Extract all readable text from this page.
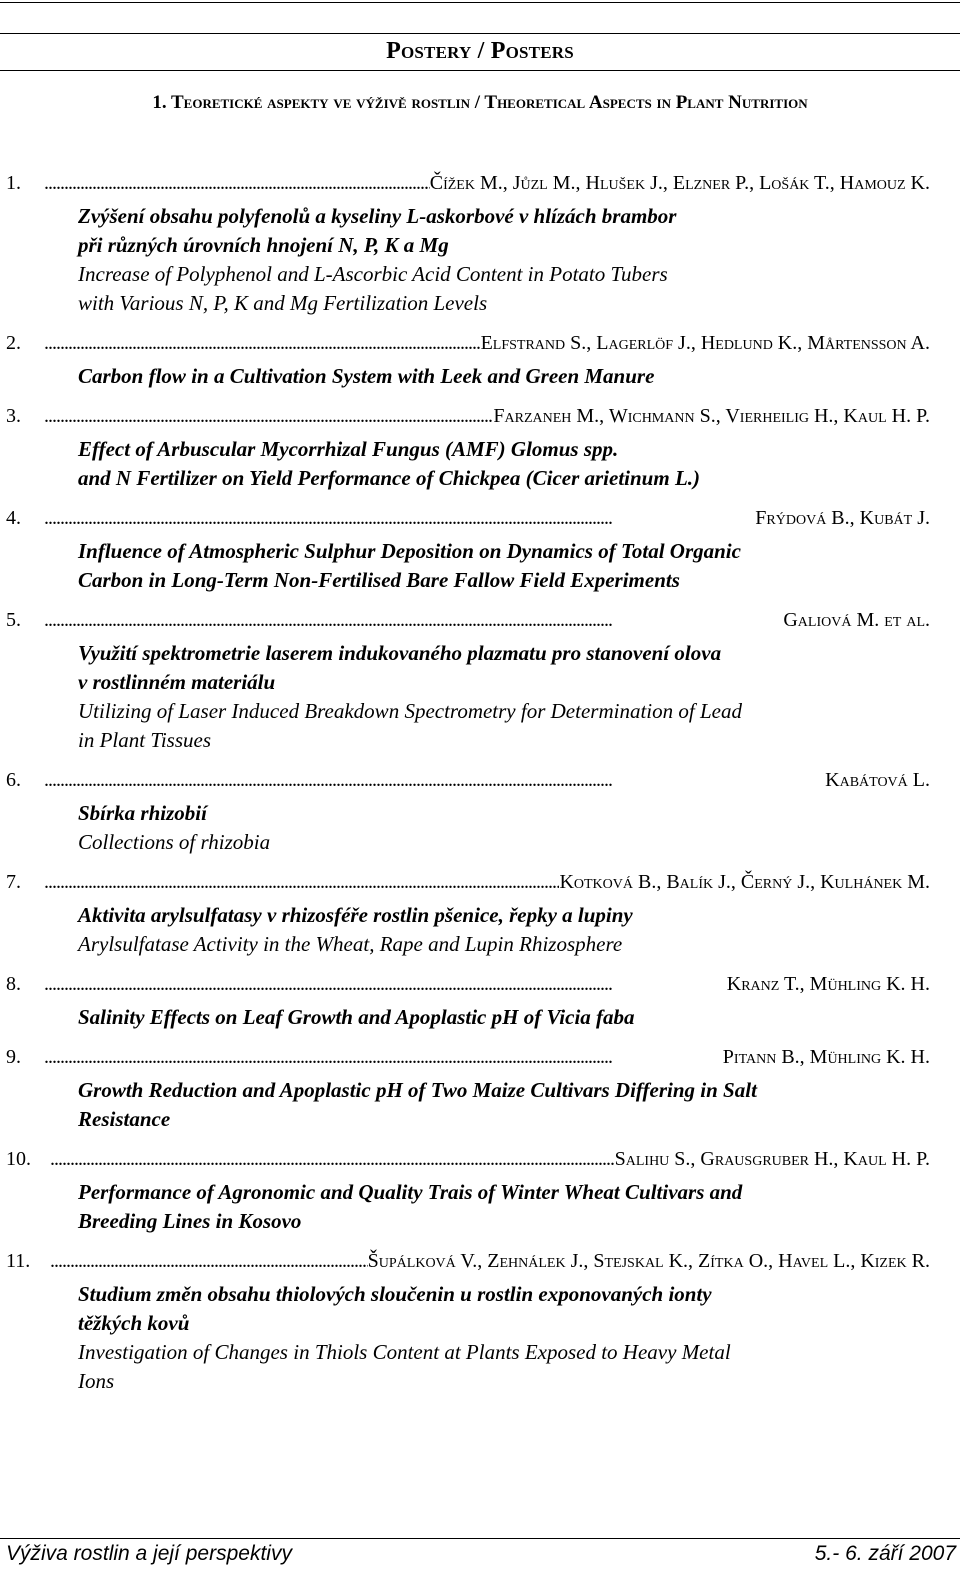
Postery / Posters
1. Teoretické aspekty ve výživě rostlin / Theoretical Aspects in Plant Nutrition
1. . . .	Čížek M., Jůzl M., Hlušek J., Elzner P., Lošák T., Hamouz K.
Zvýšení obsahu polyfenolů a kyseliny L-askorbové v hlízách brambor
při různých úrovních hnojení N, P, K a Mg
Increase of Polyphenol and L-Ascorbic Acid Content in Potato Tubers
with Various N, P, K and Mg Fertilization Levels
2. . . .	Elfstrand S., Lagerlöf J., Hedlund K., Mårtensson A.
Carbon flow in a Cultivation System with Leek and Green Manure
3. . . .	Farzaneh M., Wichmann S., Vierheilig H., Kaul H. P.
Effect of Arbuscular Mycorrhizal Fungus (AMF) Glomus spp.
and N Fertilizer on Yield Performance of Chickpea (Cicer arietinum L.)
4. . . .	Frýdová B., Kubát J.
Influence of Atmospheric Sulphur Deposition on Dynamics of Total Organic
Carbon in Long-Term Non-Fertilised Bare Fallow Field Experiments
5. . . .	Galiová M. et al.
Využití spektrometrie laserem indukovaného plazmatu pro stanovení olova
v rostlinném materiálu
Utilizing of Laser Induced Breakdown Spectrometry for Determination of Lead
in Plant Tissues
6. . . .	Kabátová L.
Sbírka rhizobií
Collections of rhizobia
7. . . .	Kotková B., Balík J., Černý J., Kulhánek M.
Aktivita arylsulfatasy v rhizosféře rostlin pšenice, řepky a lupiny
Arylsulfatase Activity in the Wheat, Rape and Lupin Rhizosphere
8. . . .	Kranz T., Mühling K. H.
Salinity Effects on Leaf Growth and Apoplastic pH of Vicia faba
9. . . .	Pitann B., Mühling K. H.
Growth Reduction and Apoplastic pH of Two Maize Cultivars Differing in Salt
Resistance
10. . . .	Salihu S., Grausgruber H., Kaul H. P.
Performance of Agronomic and Quality Trais of Winter Wheat Cultivars and
Breeding Lines in Kosovo
11. . . .	Šupálková V., Zehnálek J., Stejskal K., Zítka O., Havel L., Kizek R.
Studium změn obsahu thiolových sloučenin u rostlin exponovaných ionty
těžkých kovů
Investigation of Changes in Thiols Content at Plants Exposed to Heavy Metal
Ions
Výživa rostlin a její perspektivy	5.- 6. září 2007
